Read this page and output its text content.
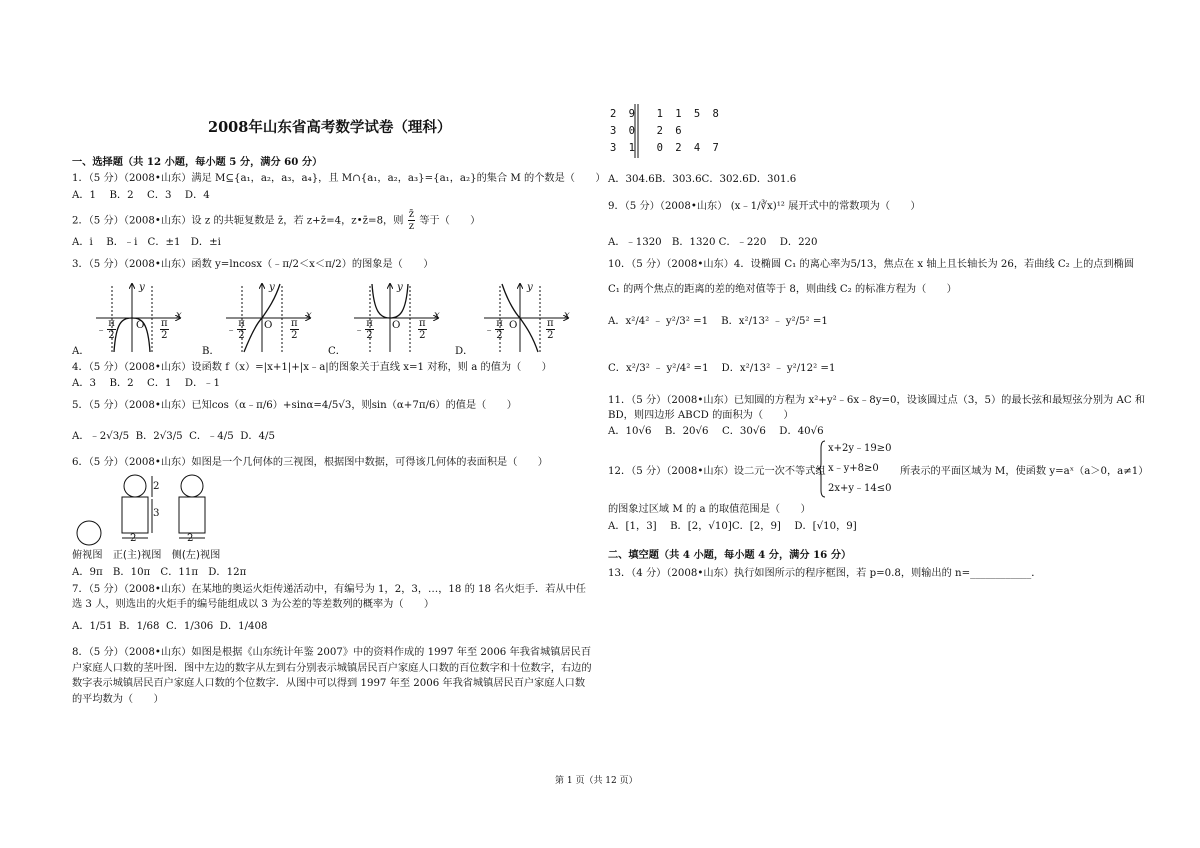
2008年山东省高考数学试卷（理科）
一、选择题（共 12 小题，每小题 5 分，满分 60 分）
1．（5 分）（2008•山东）满足 M⊆{a₁，a₂，a₃，a₄}，且 M∩{a₁，a₂，a₃}={a₁，a₂}的集合 M 的个数是（　　）
A．1　 B．2　 C．3　 D．4
2．（5 分）（2008•山东）设 z 的共轭复数是 z̄，若 z+z̄=4，z•z̄=8，则 $\frac{z̄}{z}$ 等于（　　）
A．i　 B．﹣i　C．±1　D．±i
3．（5 分）（2008•山东）函数 y=lncosx（﹣π/2＜x＜π/2）的图象是（　　）
y
x
O
y
x
O
y
x
O
y
x
O
﹣ $\frac{\pi}{2}$	$\frac{\pi}{2}$	﹣ $\frac{\pi}{2}$	$\frac{\pi}{2}$	﹣ $\frac{\pi}{2}$	$\frac{\pi}{2}$	﹣ $\frac{\pi}{2}$	$\frac{\pi}{2}$
A．	B．	C．	D．
4．（5 分）（2008•山东）设函数 f（x）=|x+1|+|x﹣a|的图象关于直线 x=1 对称，则 a 的值为（　　）
A．3　 B．2　 C．1　 D．﹣1
5．（5 分）（2008•山东）已知cos（α﹣π/6）+sinα=4/5√3，则sin（α+7π/6）的值是（　　）
A．﹣2√3/5 B．2√3/5 C．﹣4/5 D．4/5
6．（5 分）（2008•山东）如图是一个几何体的三视图，根据图中数据，可得该几何体的表面积是（　　）
2
3
2	2
俯视图　正(主)视图　侧(左)视图
A．9π　B．10π　C．11π　D．12π
7．（5 分）（2008•山东）在某地的奥运火炬传递活动中，有编号为 1，2，3，…，18 的 18 名火炬手．若从中任选 3 人，则选出的火炬手的编号能组成以 3 为公差的等差数列的概率为（　　）
A．1/51 B．1/68 C．1/306 D．1/408
8．（5 分）（2008•山东）如图是根据《山东统计年鉴 2007》中的资料作成的 1997 年至 2006 年我省城镇居民百户家庭人口数的茎叶图．图中左边的数字从左到右分别表示城镇居民百户家庭人口数的百位数字和十位数字，右边的数字表示城镇居民百户家庭人口数的个位数字．从图中可以得到 1997 年至 2006 年我省城镇居民百户家庭人口数的平均数为（　　）
2 9 1 1 5 8
3 0 2 6
3 1 0 2 4 7
A．304.6B．303.6C．302.6D．301.6
9．（5 分）（2008•山东） (x﹣1/∛x)¹² 展开式中的常数项为（　　）
A．﹣1320　B．1320 C．﹣220　 D．220
10．（5 分）（2008•山东）4．设椭圆 C₁ 的离心率为5/13，焦点在 x 轴上且长轴长为 26，若曲线 C₂ 上的点到椭圆
C₁ 的两个焦点的距离的差的绝对值等于 8，则曲线 C₂ 的标准方程为（　　）
A．x²/4² ﹣ y²/3² =1 B．x²/13² ﹣ y²/5² =1
C．x²/3² ﹣ y²/4² =1 D．x²/13² ﹣ y²/12² =1
11．（5 分）（2008•山东）已知圆的方程为 x²+y²﹣6x﹣8y=0，设该圆过点（3，5）的最长弦和最短弦分别为 AC 和 BD，则四边形 ABCD 的面积为（　　）
A．10√6　 B．20√6　 C．30√6　 D．40√6
12．（5 分）（2008•山东）设二元一次不等式组
x+2y﹣19≥0
x﹣y+8≥0
2x+y﹣14≤0
所表示的平面区域为 M，使函数 y=aˣ（a＞0，a≠1）
的图象过区域 M 的 a 的取值范围是（　　）
A．[1，3]　 B．[2，√10]C．[2，9]　 D．[√10，9]
二、填空题（共 4 小题，每小题 4 分，满分 16 分）
13．（4 分）（2008•山东）执行如图所示的程序框图，若 p=0.8，则输出的 n=____________．
第 1 页（共 12 页）
